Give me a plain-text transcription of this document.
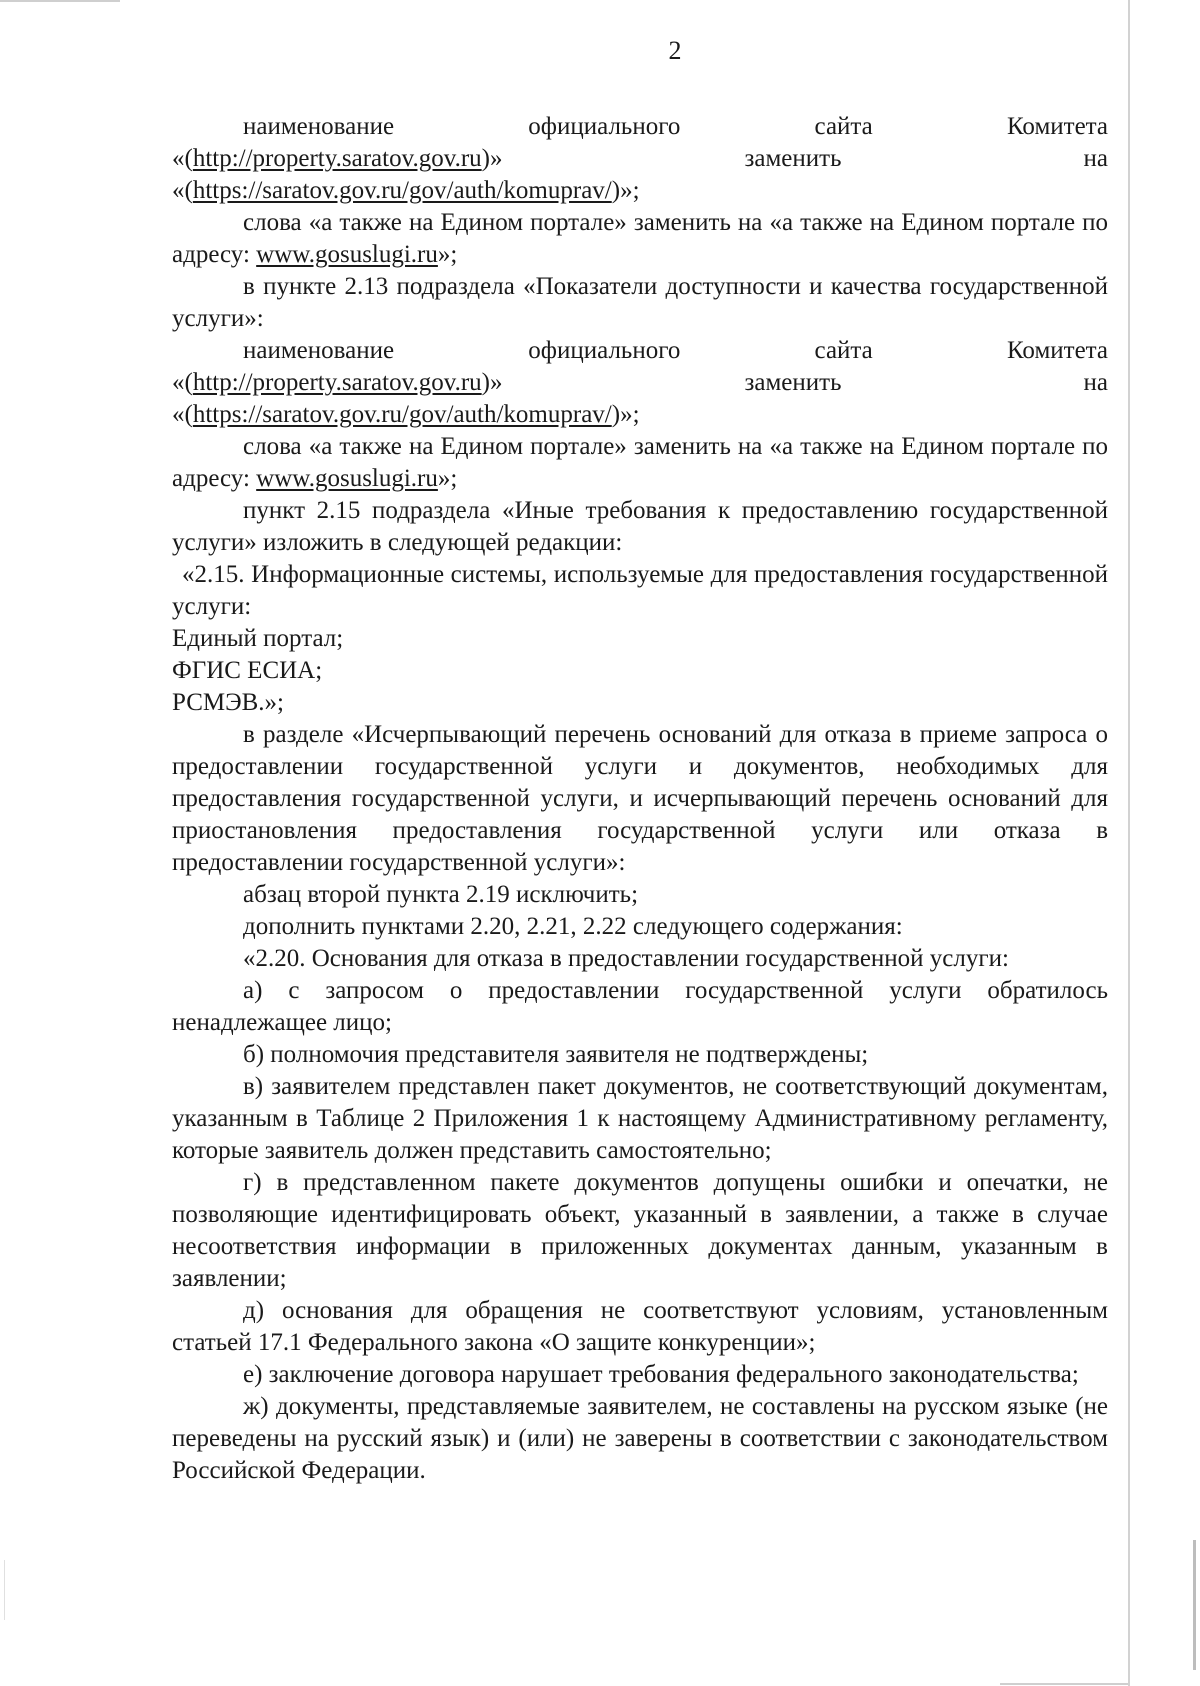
2

наименование официального сайта Комитета
«(http://property.saratov.gov.ru)» заменить на
«(https://saratov.gov.ru/gov/auth/komuprav/)»;

слова «а также на Едином портале» заменить на «а также на Едином портале по адресу: www.gosuslugi.ru»;

в пункте 2.13 подраздела «Показатели доступности и качества государственной услуги»:

наименование официального сайта Комитета
«(http://property.saratov.gov.ru)» заменить на
«(https://saratov.gov.ru/gov/auth/komuprav/)»;

слова «а также на Едином портале» заменить на «а также на Едином портале по адресу: www.gosuslugi.ru»;

пункт 2.15 подраздела «Иные требования к предоставлению государственной услуги» изложить в следующей редакции:

«2.15. Информационные системы, используемые для предоставления государственной услуги:

Единый портал;

ФГИС ЕСИА;

РСМЭВ.»;

в разделе «Исчерпывающий перечень оснований для отказа в приеме запроса о предоставлении государственной услуги и документов, необходимых для предоставления государственной услуги, и исчерпывающий перечень оснований для приостановления предоставления государственной услуги или отказа в предоставлении государственной услуги»:

абзац второй пункта 2.19 исключить;

дополнить пунктами 2.20, 2.21, 2.22 следующего содержания:

«2.20. Основания для отказа в предоставлении государственной услуги:

а) с запросом о предоставлении государственной услуги обратилось ненадлежащее лицо;

б) полномочия представителя заявителя не подтверждены;

в) заявителем представлен пакет документов, не соответствующий документам, указанным в Таблице 2 Приложения 1 к настоящему Административному регламенту, которые заявитель должен представить самостоятельно;

г) в представленном пакете документов допущены ошибки и опечатки, не позволяющие идентифицировать объект, указанный в заявлении, а также в случае несоответствия информации в приложенных документах данным, указанным в заявлении;

д) основания для обращения не соответствуют условиям, установленным статьей 17.1 Федерального закона «О защите конкуренции»;

е) заключение договора нарушает требования федерального законодательства;

ж) документы, представляемые заявителем, не составлены на русском языке (не переведены на русский язык) и (или) не заверены в соответствии с законодательством Российской Федерации.
